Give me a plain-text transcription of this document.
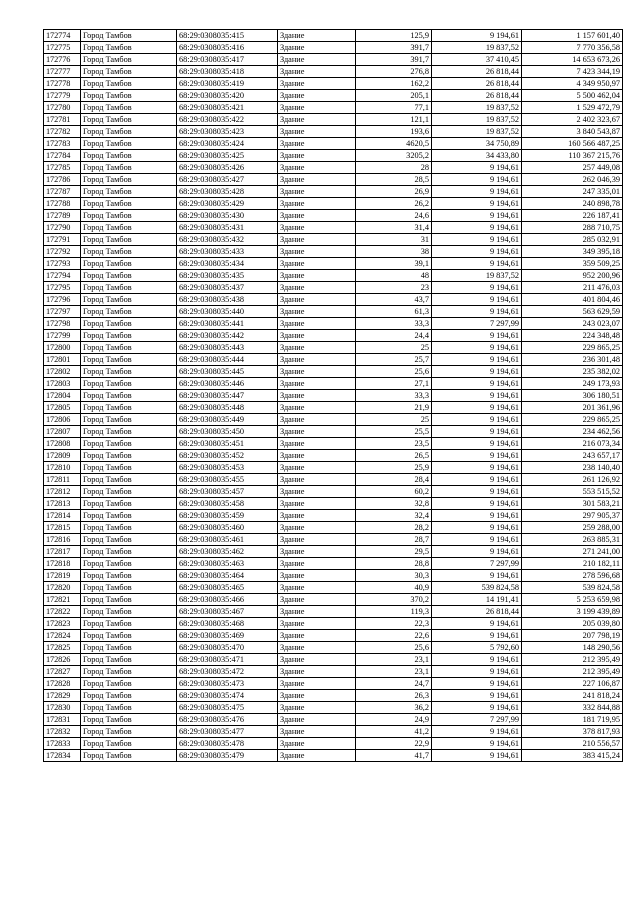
172774	Город Тамбов	68:29:0308035:415	Здание	125,9	9 194,61	1 157 601,40
172775	Город Тамбов	68:29:0308035:416	Здание	391,7	19 837,52	7 770 356,58
172776	Город Тамбов	68:29:0308035:417	Здание	391,7	37 410,45	14 653 673,26
172777	Город Тамбов	68:29:0308035:418	Здание	276,8	26 818,44	7 423 344,19
172778	Город Тамбов	68:29:0308035:419	Здание	162,2	26 818,44	4 349 950,97
172779	Город Тамбов	68:29:0308035:420	Здание	205,1	26 818,44	5 500 462,04
172780	Город Тамбов	68:29:0308035:421	Здание	77,1	19 837,52	1 529 472,79
172781	Город Тамбов	68:29:0308035:422	Здание	121,1	19 837,52	2 402 323,67
172782	Город Тамбов	68:29:0308035:423	Здание	193,6	19 837,52	3 840 543,87
172783	Город Тамбов	68:29:0308035:424	Здание	4620,5	34 750,89	160 566 487,25
172784	Город Тамбов	68:29:0308035:425	Здание	3205,2	34 433,80	110 367 215,76
172785	Город Тамбов	68:29:0308035:426	Здание	28	9 194,61	257 449,08
172786	Город Тамбов	68:29:0308035:427	Здание	28,5	9 194,61	262 046,39
172787	Город Тамбов	68:29:0308035:428	Здание	26,9	9 194,61	247 335,01
172788	Город Тамбов	68:29:0308035:429	Здание	26,2	9 194,61	240 898,78
172789	Город Тамбов	68:29:0308035:430	Здание	24,6	9 194,61	226 187,41
172790	Город Тамбов	68:29:0308035:431	Здание	31,4	9 194,61	288 710,75
172791	Город Тамбов	68:29:0308035:432	Здание	31	9 194,61	285 032,91
172792	Город Тамбов	68:29:0308035:433	Здание	38	9 194,61	349 395,18
172793	Город Тамбов	68:29:0308035:434	Здание	39,1	9 194,61	359 509,25
172794	Город Тамбов	68:29:0308035:435	Здание	48	19 837,52	952 200,96
172795	Город Тамбов	68:29:0308035:437	Здание	23	9 194,61	211 476,03
172796	Город Тамбов	68:29:0308035:438	Здание	43,7	9 194,61	401 804,46
172797	Город Тамбов	68:29:0308035:440	Здание	61,3	9 194,61	563 629,59
172798	Город Тамбов	68:29:0308035:441	Здание	33,3	7 297,99	243 023,07
172799	Город Тамбов	68:29:0308035:442	Здание	24,4	9 194,61	224 348,48
172800	Город Тамбов	68:29:0308035:443	Здание	25	9 194,61	229 865,25
172801	Город Тамбов	68:29:0308035:444	Здание	25,7	9 194,61	236 301,48
172802	Город Тамбов	68:29:0308035:445	Здание	25,6	9 194,61	235 382,02
172803	Город Тамбов	68:29:0308035:446	Здание	27,1	9 194,61	249 173,93
172804	Город Тамбов	68:29:0308035:447	Здание	33,3	9 194,61	306 180,51
172805	Город Тамбов	68:29:0308035:448	Здание	21,9	9 194,61	201 361,96
172806	Город Тамбов	68:29:0308035:449	Здание	25	9 194,61	229 865,25
172807	Город Тамбов	68:29:0308035:450	Здание	25,5	9 194,61	234 462,56
172808	Город Тамбов	68:29:0308035:451	Здание	23,5	9 194,61	216 073,34
172809	Город Тамбов	68:29:0308035:452	Здание	26,5	9 194,61	243 657,17
172810	Город Тамбов	68:29:0308035:453	Здание	25,9	9 194,61	238 140,40
172811	Город Тамбов	68:29:0308035:455	Здание	28,4	9 194,61	261 126,92
172812	Город Тамбов	68:29:0308035:457	Здание	60,2	9 194,61	553 515,52
172813	Город Тамбов	68:29:0308035:458	Здание	32,8	9 194,61	301 583,21
172814	Город Тамбов	68:29:0308035:459	Здание	32,4	9 194,61	297 905,37
172815	Город Тамбов	68:29:0308035:460	Здание	28,2	9 194,61	259 288,00
172816	Город Тамбов	68:29:0308035:461	Здание	28,7	9 194,61	263 885,31
172817	Город Тамбов	68:29:0308035:462	Здание	29,5	9 194,61	271 241,00
172818	Город Тамбов	68:29:0308035:463	Здание	28,8	7 297,99	210 182,11
172819	Город Тамбов	68:29:0308035:464	Здание	30,3	9 194,61	278 596,68
172820	Город Тамбов	68:29:0308035:465	Здание	40,9	539 824,58	539 824,58
172821	Город Тамбов	68:29:0308035:466	Здание	370,2	14 191,41	5 253 659,98
172822	Город Тамбов	68:29:0308035:467	Здание	119,3	26 818,44	3 199 439,89
172823	Город Тамбов	68:29:0308035:468	Здание	22,3	9 194,61	205 039,80
172824	Город Тамбов	68:29:0308035:469	Здание	22,6	9 194,61	207 798,19
172825	Город Тамбов	68:29:0308035:470	Здание	25,6	5 792,60	148 290,56
172826	Город Тамбов	68:29:0308035:471	Здание	23,1	9 194,61	212 395,49
172827	Город Тамбов	68:29:0308035:472	Здание	23,1	9 194,61	212 395,49
172828	Город Тамбов	68:29:0308035:473	Здание	24,7	9 194,61	227 106,87
172829	Город Тамбов	68:29:0308035:474	Здание	26,3	9 194,61	241 818,24
172830	Город Тамбов	68:29:0308035:475	Здание	36,2	9 194,61	332 844,88
172831	Город Тамбов	68:29:0308035:476	Здание	24,9	7 297,99	181 719,95
172832	Город Тамбов	68:29:0308035:477	Здание	41,2	9 194,61	378 817,93
172833	Город Тамбов	68:29:0308035:478	Здание	22,9	9 194,61	210 556,57
172834	Город Тамбов	68:29:0308035:479	Здание	41,7	9 194,61	383 415,24
